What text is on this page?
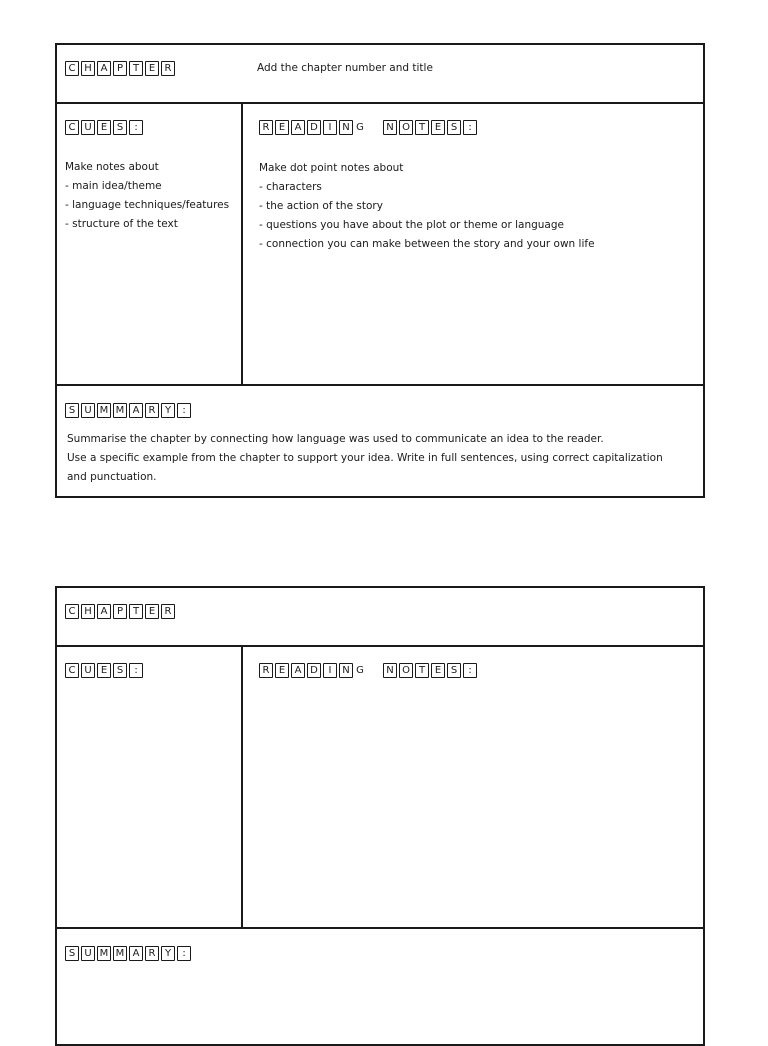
C H A P T E R	Add the chapter number and title
C U E S	:
Make notes about
- main idea/theme
- language techniques/features
- structure of the text
R E A D	I	N G	N O T E S	:
Make dot point notes about
- characters
- the action of the story
- questions you have about the plot or theme or language
- connection you can make between the story and your own life
S U M M A R Y	:
Summarise the chapter by connecting how language was used to communicate an idea to the reader.
Use a specific example from the chapter to support your idea. Write in full sentences, using correct capitalization
and punctuation.
C H A P T E R
C U E S	:	R E A D	I	N G	N O T E S	:
S U M M A R Y	:
